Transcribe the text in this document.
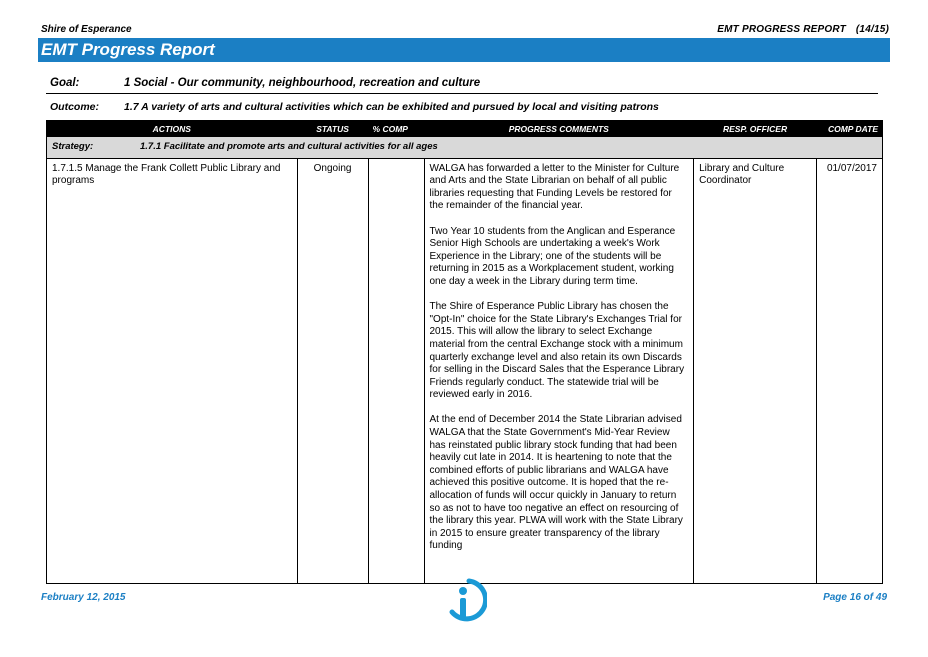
Shire of Esperance	EMT PROGRESS REPORT (14/15)
EMT Progress Report
Goal:	1 Social - Our community, neighbourhood, recreation and culture
Outcome: 1.7 A variety of arts and cultural activities which can be exhibited and pursued by local and visiting patrons
ACTIONS	STATUS	% COMP	PROGRESS COMMENTS	RESP. OFFICER	COMP DATE
Strategy: 1.7.1 Facilitate and promote arts and cultural activities for all ages					
1.7.1.5 Manage the Frank Collett Public Library and programs	Ongoing		WALGA has forwarded a letter to the Minister for Culture and Arts and the State Librarian on behalf of all public libraries requesting that Funding Levels be restored for the remainder of the financial year.

Two Year 10 students from the Anglican and Esperance Senior High Schools are undertaking a week's Work Experience in the Library; one of the students will be returning in 2015 as a Workplacement student, working one day a week in the Library during term time.

The Shire of Esperance Public Library has chosen the "Opt-In" choice for the State Library's Exchanges Trial for 2015. This will allow the library to select Exchange material from the central Exchange stock with a minimum quarterly exchange level and also retain its own Discards for selling in the Discard Sales that the Esperance Library Friends regularly conduct. The statewide trial will be reviewed early in 2016.

At the end of December 2014 the State Librarian advised WALGA that the State Government's Mid-Year Review has reinstated public library stock funding that had been heavily cut late in 2014. It is heartening to note that the combined efforts of public librarians and WALGA have achieved this positive outcome. It is hoped that the re-allocation of funds will occur quickly in January to return so as not to have too negative an effect on resourcing of the library this year. PLWA will work with the State Library in 2015 to ensure greater transparency of the library funding	Library and Culture Coordinator	01/07/2017
February 12, 2015	Page 16 of 49
